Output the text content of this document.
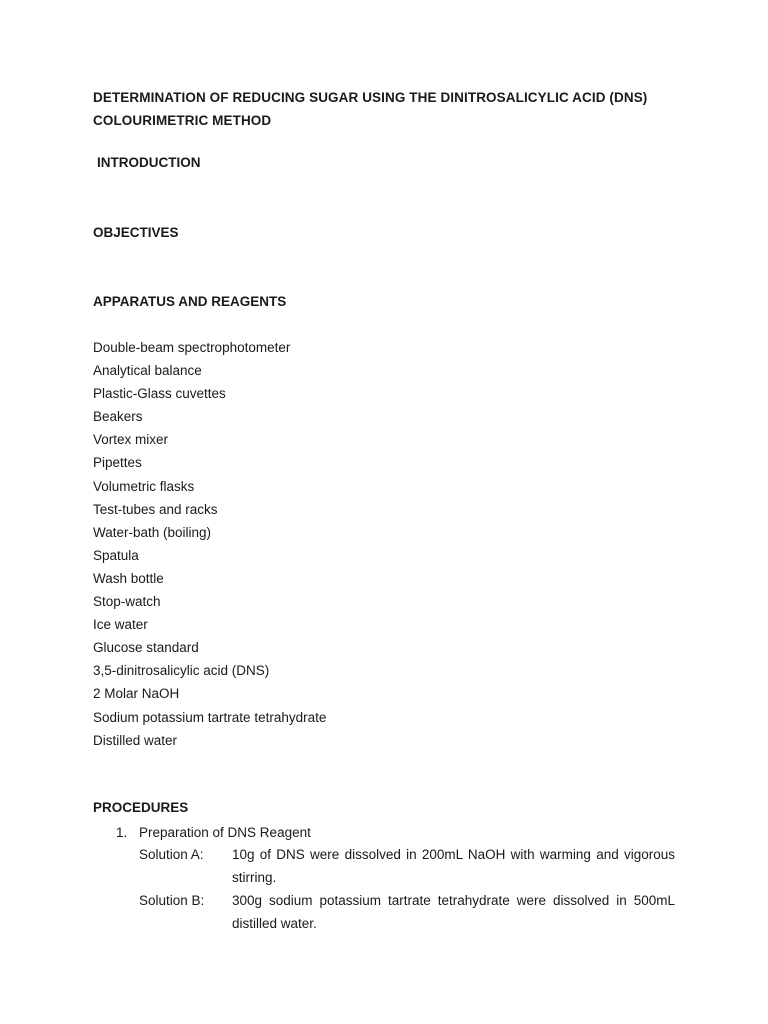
DETERMINATION OF REDUCING SUGAR USING THE DINITROSALICYLIC ACID (DNS) COLOURIMETRIC METHOD
INTRODUCTION
OBJECTIVES
APPARATUS AND REAGENTS
Double-beam spectrophotometer
Analytical balance
Plastic-Glass cuvettes
Beakers
Vortex mixer
Pipettes
Volumetric flasks
Test-tubes and racks
Water-bath (boiling)
Spatula
Wash bottle
Stop-watch
Ice water
Glucose standard
3,5-dinitrosalicylic acid (DNS)
2 Molar NaOH
Sodium potassium tartrate tetrahydrate
Distilled water
PROCEDURES
1. Preparation of DNS Reagent
Solution A: 10g of DNS were dissolved in 200mL NaOH with warming and vigorous stirring.
Solution B: 300g sodium potassium tartrate tetrahydrate were dissolved in 500mL distilled water.
